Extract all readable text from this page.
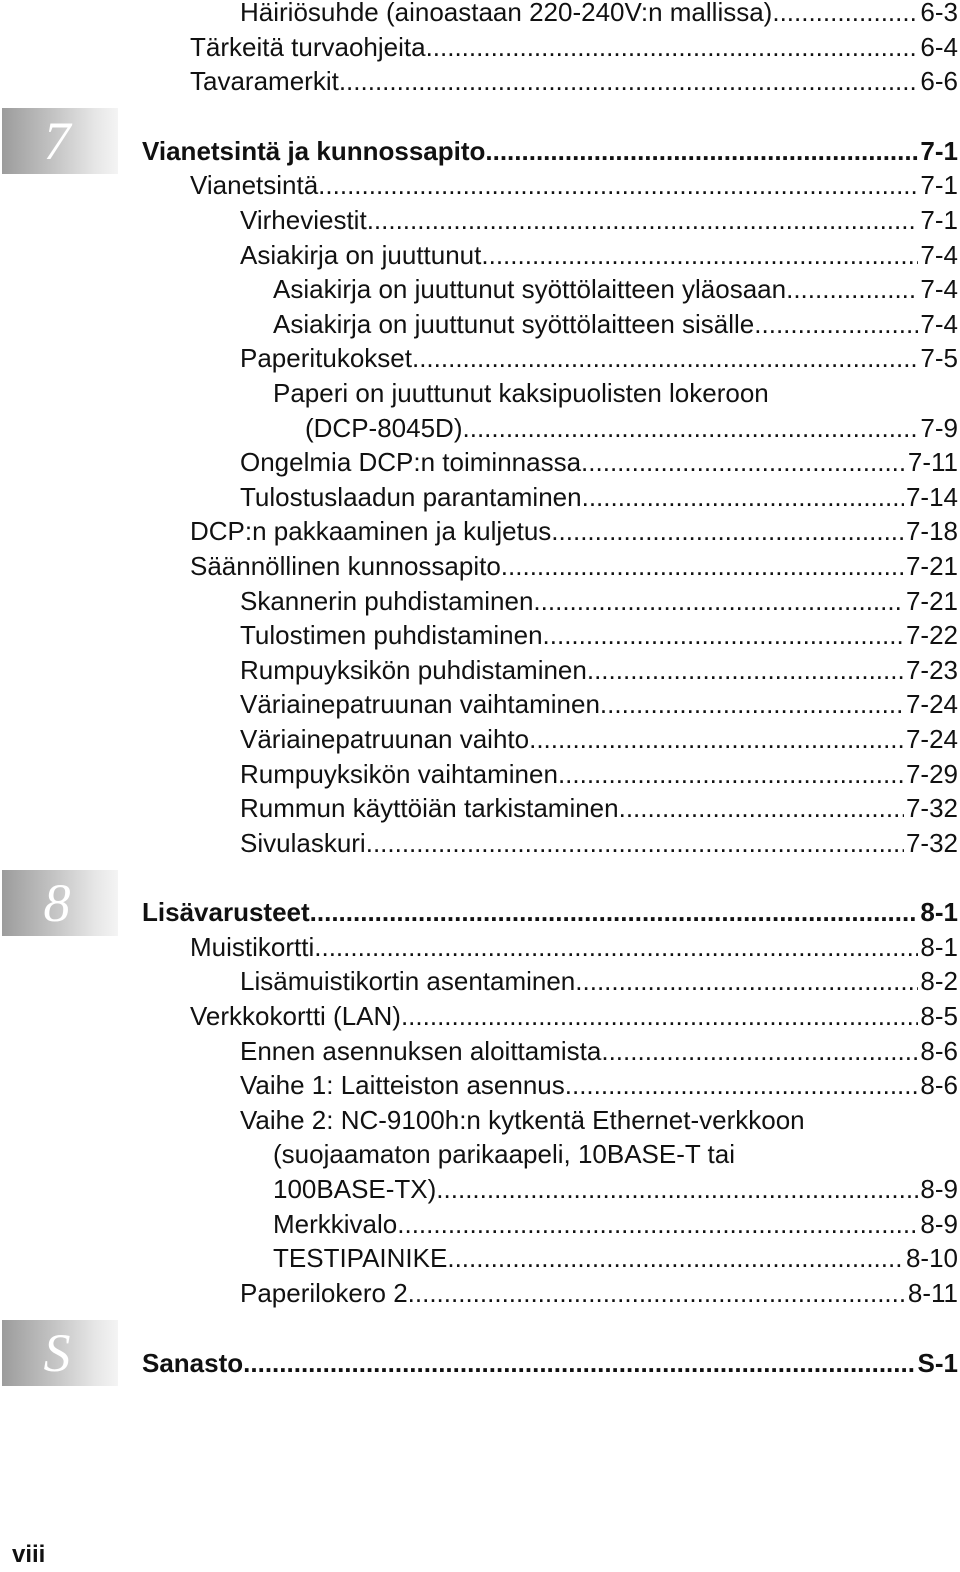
7
8
S
Häiriösuhde (ainoastaan 220-240V:n mallissa) .....	6-3
Tärkeitä turvaohjeita .....	6-4
Tavaramerkit .....	6-6
Vianetsintä ja kunnossapito .....	7-1
Vianetsintä .....	7-1
Virheviestit .....	7-1
Asiakirja on juuttunut .....	7-4
Asiakirja on juuttunut syöttölaitteen yläosaan. .....	7-4
Asiakirja on juuttunut syöttölaitteen sisälle. .....	7-4
Paperitukokset .....	7-5
Paperi on juuttunut kaksipuolisten lokeroon
(DCP-8045D) .....	7-9
Ongelmia DCP:n toiminnassa .....	7-11
Tulostuslaadun parantaminen .....	7-14
DCP:n pakkaaminen ja kuljetus .....	7-18
Säännöllinen kunnossapito .....	7-21
Skannerin puhdistaminen .....	7-21
Tulostimen puhdistaminen .....	7-22
Rumpuyksikön puhdistaminen .....	7-23
Väriainepatruunan vaihtaminen .....	7-24
Väriainepatruunan vaihto .....	7-24
Rumpuyksikön vaihtaminen .....	7-29
Rummun käyttöiän tarkistaminen .....	7-32
Sivulaskuri .....	7-32
Lisävarusteet .....	8-1
Muistikortti .....	8-1
Lisämuistikortin asentaminen .....	8-2
Verkkokortti (LAN) .....	8-5
Ennen asennuksen aloittamista .....	8-6
Vaihe 1: Laitteiston asennus .....	8-6
Vaihe 2: NC-9100h:n kytkentä Ethernet-verkkoon
(suojaamaton parikaapeli, 10BASE-T tai
100BASE-TX) .....	8-9
Merkkivalo .....	8-9
TESTIPAINIKE .....	8-10
Paperilokero 2 .....	8-11
Sanasto .....	S-1
viii
